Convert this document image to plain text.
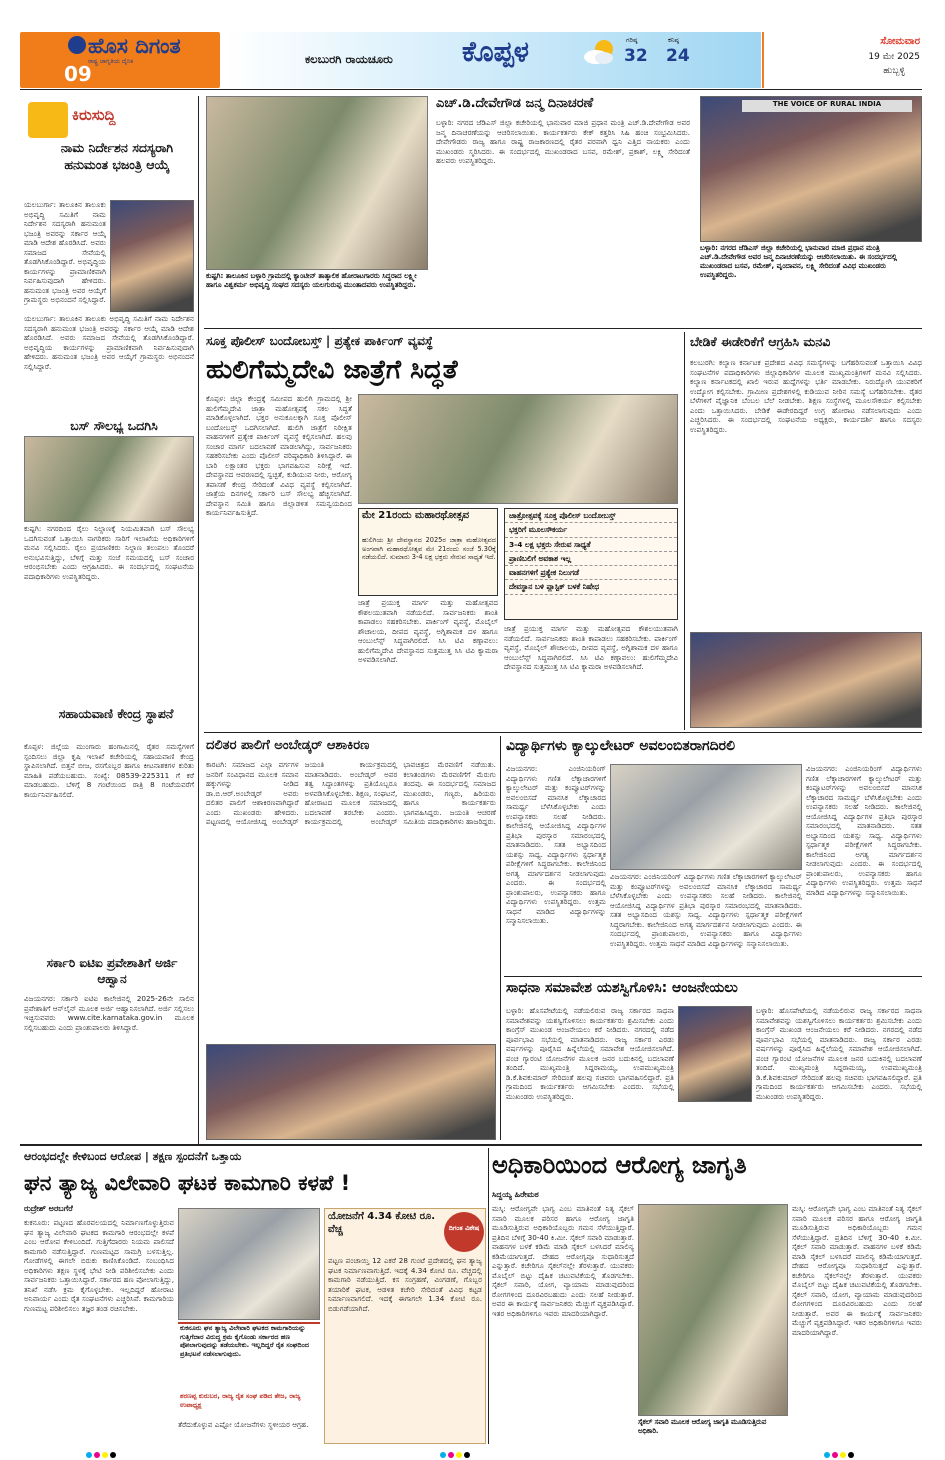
ಹೊಸ ದಿಗಂತ
ರಾಷ್ಟ್ರ ಜಾಗೃತಿಯ ದೈನಿಕ
09
ಕಲಬುರಗಿ ರಾಯಚೂರು	ಕೊಪ್ಪಳ	ಗರಿಷ್ಠ
32
ಕನಿಷ್ಠ
24
ಸೋಮವಾರ
19 ಮೇ 2025
ಹುಬ್ಬಳ್ಳಿ
ಕಿರುಸುದ್ದಿ
ನಾಮ ನಿರ್ದೇಶನ ಸದಸ್ಯರಾಗಿ ಹನುಮಂತ ಭಜಂತ್ರಿ ಆಯ್ಕೆ
ಯಲಬುರ್ಗಾ: ತಾಲೂಕಿನ ತಾಲೂಕು ಅಭಿವೃದ್ಧಿ ಸಮಿತಿಗೆ ನಾಮ ನಿರ್ದೇಶನ ಸದಸ್ಯರಾಗಿ ಹನುಮಂತ ಭಜಂತ್ರಿ ಅವರನ್ನು ಸರ್ಕಾರ ಆಯ್ಕೆ ಮಾಡಿ ಆದೇಶ ಹೊರಡಿಸಿದೆ. ಅವರು ಸಮಾಜದ ಸೇವೆಯಲ್ಲಿ ತೊಡಗಿಸಿಕೊಂಡಿದ್ದಾರೆ. ಅಭಿವೃದ್ಧಿಯ ಕಾರ್ಯಗಳನ್ನು ಪ್ರಾಮಾಣಿಕವಾಗಿ ನಿರ್ವಹಿಸುವುದಾಗಿ ಹೇಳಿದರು. ಹನುಮಂತ ಭಜಂತ್ರಿ ಅವರ ಆಯ್ಕೆಗೆ ಗ್ರಾಮಸ್ಥರು ಅಭಿನಂದನೆ ಸಲ್ಲಿಸಿದ್ದಾರೆ.
ಯಲಬುರ್ಗಾ: ತಾಲೂಕಿನ ತಾಲೂಕು ಅಭಿವೃದ್ಧಿ ಸಮಿತಿಗೆ ನಾಮ ನಿರ್ದೇಶನ ಸದಸ್ಯರಾಗಿ ಹನುಮಂತ ಭಜಂತ್ರಿ ಅವರನ್ನು ಸರ್ಕಾರ ಆಯ್ಕೆ ಮಾಡಿ ಆದೇಶ ಹೊರಡಿಸಿದೆ. ಅವರು ಸಮಾಜದ ಸೇವೆಯಲ್ಲಿ ತೊಡಗಿಸಿಕೊಂಡಿದ್ದಾರೆ. ಅಭಿವೃದ್ಧಿಯ ಕಾರ್ಯಗಳನ್ನು ಪ್ರಾಮಾಣಿಕವಾಗಿ ನಿರ್ವಹಿಸುವುದಾಗಿ ಹೇಳಿದರು. ಹನುಮಂತ ಭಜಂತ್ರಿ ಅವರ ಆಯ್ಕೆಗೆ ಗ್ರಾಮಸ್ಥರು ಅಭಿನಂದನೆ ಸಲ್ಲಿಸಿದ್ದಾರೆ.
ಬಸ್ ಸೌಲಭ್ಯ ಒದಗಿಸಿ
ಕುಷ್ಟಗಿ: ನಗರದಿಂದ ರೈಲು ನಿಲ್ದಾಣಕ್ಕೆ ನಿಯಮಿತವಾಗಿ ಬಸ್ ಸೌಲಭ್ಯ ಒದಗಿಸುವಂತೆ ಒತ್ತಾಯಿಸಿ ನಾಗರಿಕರು ಸಾರಿಗೆ ಇಲಾಖೆಯ ಅಧಿಕಾರಿಗಳಿಗೆ ಮನವಿ ಸಲ್ಲಿಸಿದರು. ರೈಲು ಪ್ರಯಾಣಿಕರು ನಿಲ್ದಾಣ ತಲುಪಲು ತೊಂದರೆ ಅನುಭವಿಸುತ್ತಿದ್ದು, ಬೆಳಿಗ್ಗೆ ಮತ್ತು ಸಂಜೆ ಸಮಯದಲ್ಲಿ ಬಸ್ ಸಂಚಾರ ಆರಂಭಿಸಬೇಕು ಎಂದು ಆಗ್ರಹಿಸಿದರು. ಈ ಸಂದರ್ಭದಲ್ಲಿ ಸಂಘಟನೆಯ ಪದಾಧಿಕಾರಿಗಳು ಉಪಸ್ಥಿತರಿದ್ದರು.
ಸಹಾಯವಾಣಿ ಕೇಂದ್ರ ಸ್ಥಾಪನೆ
ಕೊಪ್ಪಳ: ಜಿಲ್ಲೆಯ ಮುಂಗಾರು ಹಂಗಾಮಿನಲ್ಲಿ ರೈತರ ಸಮಸ್ಯೆಗಳಿಗೆ ಸ್ಪಂದಿಸಲು ಜಿಲ್ಲಾ ಕೃಷಿ ಇಲಾಖೆ ಕಚೇರಿಯಲ್ಲಿ ಸಹಾಯವಾಣಿ ಕೇಂದ್ರ ಸ್ಥಾಪಿಸಲಾಗಿದೆ. ಬಿತ್ತನೆ ಬೀಜ, ರಸಗೊಬ್ಬರ ಹಾಗೂ ಕೀಟನಾಶಕಗಳ ಕುರಿತು ಮಾಹಿತಿ ಪಡೆಯಬಹುದು. ಸಂಖ್ಯೆ: 08539-225311 ಗೆ ಕರೆ ಮಾಡಬಹುದು. ಬೆಳಿಗ್ಗೆ 8 ಗಂಟೆಯಿಂದ ರಾತ್ರಿ 8 ಗಂಟೆಯವರೆಗೆ ಕಾರ್ಯನಿರ್ವಹಿಸಲಿದೆ.
ಸರ್ಕಾರಿ ಐಟಿಐ ಪ್ರವೇಶಾತಿಗೆ ಅರ್ಜಿ ಆಹ್ವಾನ
ವಿಜಯನಗರ: ಸರ್ಕಾರಿ ಐಟಿಐ ಕಾಲೇಜಿನಲ್ಲಿ 2025-26ನೇ ಸಾಲಿನ ಪ್ರವೇಶಾತಿಗೆ ಆನ್‌ಲೈನ್ ಮೂಲಕ ಅರ್ಜಿ ಆಹ್ವಾನಿಸಲಾಗಿದೆ. ಅರ್ಜಿ ಸಲ್ಲಿಸಲು ಇಚ್ಛಿಸುವವರು www.cite.karnataka.gov.in ಮೂಲಕ ಸಲ್ಲಿಸಬಹುದು ಎಂದು ಪ್ರಾಂಶುಪಾಲರು ತಿಳಿಸಿದ್ದಾರೆ.
ಕುಷ್ಟಗಿ: ತಾಲೂಕಿನ ಬಳ್ಳಾರಿ ಗ್ರಾಮದಲ್ಲಿ ಕ್ಯಾಂಟೀನ್ ತಾತ್ಕಾಲಿಕ ಹೋರಾಟಗಾರರು ಸಿದ್ಧರಾದ ಲಕ್ಷ್ಮೀ ಹಾಗೂ ವಿಶ್ವಕರ್ಮ ಅಭಿವೃದ್ಧಿ ಸಂಘದ ಸದಸ್ಯರು ಯಲಗುರುಪ್ಪ ಮುಂತಾದವರು ಉಪಸ್ಥಿತರಿದ್ದರು.
ಎಚ್.ಡಿ.ದೇವೇಗೌಡ ಜನ್ಮ ದಿನಾಚರಣೆ
ಬಳ್ಳಾರಿ: ನಗರದ ಜೆಡಿಎಸ್ ಜಿಲ್ಲಾ ಕಚೇರಿಯಲ್ಲಿ ಭಾನುವಾರ ಮಾಜಿ ಪ್ರಧಾನ ಮಂತ್ರಿ ಎಚ್.ಡಿ.ದೇವೇಗೌಡ ಅವರ ಜನ್ಮ ದಿನಾಚರಣೆಯನ್ನು ಆಚರಿಸಲಾಯಿತು. ಕಾರ್ಯಕರ್ತರು ಕೇಕ್ ಕತ್ತರಿಸಿ ಸಿಹಿ ಹಂಚಿ ಸಂಭ್ರಮಿಸಿದರು. ದೇವೇಗೌಡರು ರಾಜ್ಯ ಹಾಗೂ ರಾಷ್ಟ್ರ ರಾಜಕಾರಣದಲ್ಲಿ ರೈತರ ಪರವಾಗಿ ಧ್ವನಿ ಎತ್ತಿದ ನಾಯಕರು ಎಂದು ಮುಖಂಡರು ಸ್ಮರಿಸಿದರು. ಈ ಸಂದರ್ಭದಲ್ಲಿ ಮುಖಂಡರಾದ ಬಸವ, ರಮೇಶ್, ಪ್ರಕಾಶ್, ಲಕ್ಷ್ಮಿ ಸೇರಿದಂತೆ ಹಲವರು ಉಪಸ್ಥಿತರಿದ್ದರು.
THE VOICE OF RURAL INDIA
ಬಳ್ಳಾರಿ: ನಗರದ ಜೆಡಿಎಸ್ ಜಿಲ್ಲಾ ಕಚೇರಿಯಲ್ಲಿ ಭಾನುವಾರ ಮಾಜಿ ಪ್ರಧಾನ ಮಂತ್ರಿ ಎಚ್.ಡಿ.ದೇವೇಗೌಡ ಅವರ ಜನ್ಮ ದಿನಾಚರಣೆಯನ್ನು ಆಚರಿಸಲಾಯಿತು. ಈ ಸಂದರ್ಭದಲ್ಲಿ ಮುಖಂಡರಾದ ಬಸವ, ರಮೇಶ್, ವೃಂದಾವನ, ಲಕ್ಷ್ಮಿ ಸೇರಿದಂತೆ ವಿವಿಧ ಮುಖಂಡರು ಉಪಸ್ಥಿತರಿದ್ದರು.
ಸೂಕ್ತ ಪೊಲೀಸ್ ಬಂದೋಬಸ್ತ್ | ಪ್ರತ್ಯೇಕ ಪಾರ್ಕಿಂಗ್ ವ್ಯವಸ್ಥೆ
ಹುಲಿಗೆಮ್ಮದೇವಿ ಜಾತ್ರೆಗೆ ಸಿದ್ಧತೆ
ಕೊಪ್ಪಳ: ಜಿಲ್ಲಾ ಕೇಂದ್ರಕ್ಕೆ ಸಮೀಪದ ಹುಲಿಗಿ ಗ್ರಾಮದಲ್ಲಿ ಶ್ರೀ ಹುಲಿಗೆಮ್ಮದೇವಿ ಜಾತ್ರಾ ಮಹೋತ್ಸವಕ್ಕೆ ಸಕಲ ಸಿದ್ಧತೆ ಮಾಡಿಕೊಳ್ಳಲಾಗಿದೆ. ಭಕ್ತರ ಅನುಕೂಲಕ್ಕಾಗಿ ಸೂಕ್ತ ಪೊಲೀಸ್ ಬಂದೋಬಸ್ತ್ ಒದಗಿಸಲಾಗಿದೆ. ಹುಲಿಗಿ ಜಾತ್ರೆಗೆ ನಿರೀಕ್ಷಿತ ವಾಹನಗಳಿಗೆ ಪ್ರತ್ಯೇಕ ಪಾರ್ಕಿಂಗ್ ವ್ಯವಸ್ಥೆ ಕಲ್ಪಿಸಲಾಗಿದೆ. ಹಲವು ಸಂಚಾರ ಮಾರ್ಗ ಬದಲಾವಣೆ ಮಾಡಲಾಗಿದ್ದು, ಸಾರ್ವಜನಿಕರು ಸಹಕರಿಸಬೇಕು ಎಂದು ಪೊಲೀಸ್ ವರಿಷ್ಠಾಧಿಕಾರಿ ತಿಳಿಸಿದ್ದಾರೆ. ಈ ಬಾರಿ ಲಕ್ಷಾಂತರ ಭಕ್ತರು ಭಾಗವಹಿಸುವ ನಿರೀಕ್ಷೆ ಇದೆ. ದೇವಸ್ಥಾನದ ಆವರಣದಲ್ಲಿ ಸ್ವಚ್ಛತೆ, ಕುಡಿಯುವ ನೀರು, ಆರೋಗ್ಯ ತಪಾಸಣೆ ಕೇಂದ್ರ ಸೇರಿದಂತೆ ವಿವಿಧ ವ್ಯವಸ್ಥೆ ಕಲ್ಪಿಸಲಾಗಿದೆ. ಜಾತ್ರೆಯ ದಿನಗಳಲ್ಲಿ ಸರ್ಕಾರಿ ಬಸ್ ಸೌಲಭ್ಯ ಹೆಚ್ಚಿಸಲಾಗಿದೆ. ದೇವಸ್ಥಾನ ಸಮಿತಿ ಹಾಗೂ ಜಿಲ್ಲಾಡಳಿತ ಸಮನ್ವಯದಿಂದ ಕಾರ್ಯನಿರ್ವಹಿಸುತ್ತಿದೆ.	ಮೇ 21ರಂದು ಮಹಾರಥೋತ್ಸವ
ಹುಲಿಗಿಯ ಶ್ರೀ ದೇವಸ್ಥಾನದ 2025ರ ಜಾತ್ರಾ ಮಹೋತ್ಸವದ ಅಂಗವಾಗಿ ಮಹಾರಥೋತ್ಸವ ಮೇ 21ರಂದು ಸಂಜೆ 5.30ಕ್ಕೆ ನಡೆಯಲಿದೆ. ಸುಮಾರು 3-4 ಲಕ್ಷ ಭಕ್ತರು ಸೇರುವ ಸಾಧ್ಯತೆ ಇದೆ.
ಜಾತ್ರೋತ್ಸವಕ್ಕೆ ಸೂಕ್ತ ಪೊಲೀಸ್ ಬಂದೋಬಸ್ತ್
ಭಕ್ತರಿಗೆ ಮೂಲಸೌಕರ್ಯ
3-4 ಲಕ್ಷ ಭಕ್ತರು ಸೇರುವ ಸಾಧ್ಯತೆ
ಪ್ರಾಣಿಬಲಿಗೆ ಅವಕಾಶ ಇಲ್ಲ
ವಾಹನಗಳಿಗೆ ಪ್ರತ್ಯೇಕ ನಿಲುಗಡೆ
ದೇವಸ್ಥಾನ ಬಳಿ ಪ್ಲಾಸ್ಟಿಕ್ ಬಳಕೆ ನಿಷೇಧ
ಜಾತ್ರೆ ಪ್ರಯುಕ್ತ ಮಾರ್ಗ ಮತ್ತು ಮಹೋತ್ಸವದ ಕೌಶಲಯುತವಾಗಿ ನಡೆಯಲಿದೆ. ಸಾರ್ವಜನಿಕರು ಶಾಂತಿ ಕಾಪಾಡಲು ಸಹಕರಿಸಬೇಕು. ಪಾರ್ಕಿಂಗ್ ವ್ಯವಸ್ಥೆ, ಮೊಬೈಲ್ ಶೌಚಾಲಯ, ದೀಪದ ವ್ಯವಸ್ಥೆ, ಅಗ್ನಿಶಾಮಕ ದಳ ಹಾಗೂ ಆಂಬುಲೆನ್ಸ್ ಸಿದ್ಧವಾಗಿರಲಿದೆ. ಸಿಸಿ ಟಿವಿ ಕಣ್ಗಾವಲು: ಹುಲಿಗೆಮ್ಮದೇವಿ ದೇವಸ್ಥಾನದ ಸುತ್ತಮುತ್ತ ಸಿಸಿ ಟಿವಿ ಕ್ಯಾಮರಾ ಅಳವಡಿಸಲಾಗಿದೆ.
ಜಾತ್ರೆ ಪ್ರಯುಕ್ತ ಮಾರ್ಗ ಮತ್ತು ಮಹೋತ್ಸವದ ಕೌಶಲಯುತವಾಗಿ ನಡೆಯಲಿದೆ. ಸಾರ್ವಜನಿಕರು ಶಾಂತಿ ಕಾಪಾಡಲು ಸಹಕರಿಸಬೇಕು. ಪಾರ್ಕಿಂಗ್ ವ್ಯವಸ್ಥೆ, ಮೊಬೈಲ್ ಶೌಚಾಲಯ, ದೀಪದ ವ್ಯವಸ್ಥೆ, ಅಗ್ನಿಶಾಮಕ ದಳ ಹಾಗೂ ಆಂಬುಲೆನ್ಸ್ ಸಿದ್ಧವಾಗಿರಲಿದೆ. ಸಿಸಿ ಟಿವಿ ಕಣ್ಗಾವಲು: ಹುಲಿಗೆಮ್ಮದೇವಿ ದೇವಸ್ಥಾನದ ಸುತ್ತಮುತ್ತ ಸಿಸಿ ಟಿವಿ ಕ್ಯಾಮರಾ ಅಳವಡಿಸಲಾಗಿದೆ.
ಬೇಡಿಕೆ ಈಡೇರಿಕೆಗೆ ಆಗ್ರಹಿಸಿ ಮನವಿ
ಕಲಬುರಗಿ: ಕಲ್ಯಾಣ ಕರ್ನಾಟಕ ಪ್ರದೇಶದ ವಿವಿಧ ಸಮಸ್ಯೆಗಳನ್ನು ಬಗೆಹರಿಸುವಂತೆ ಒತ್ತಾಯಿಸಿ ವಿವಿಧ ಸಂಘಟನೆಗಳ ಪದಾಧಿಕಾರಿಗಳು ಜಿಲ್ಲಾಧಿಕಾರಿಗಳ ಮೂಲಕ ಮುಖ್ಯಮಂತ್ರಿಗಳಿಗೆ ಮನವಿ ಸಲ್ಲಿಸಿದರು. ಕಲ್ಯಾಣ ಕರ್ನಾಟಕದಲ್ಲಿ ಖಾಲಿ ಇರುವ ಹುದ್ದೆಗಳನ್ನು ಭರ್ತಿ ಮಾಡಬೇಕು. ನಿರುದ್ಯೋಗಿ ಯುವಕರಿಗೆ ಉದ್ಯೋಗ ಕಲ್ಪಿಸಬೇಕು. ಗ್ರಾಮೀಣ ಪ್ರದೇಶಗಳಲ್ಲಿ ಕುಡಿಯುವ ನೀರಿನ ಸಮಸ್ಯೆ ಬಗೆಹರಿಸಬೇಕು. ರೈತರ ಬೆಳೆಗಳಿಗೆ ವೈಜ್ಞಾನಿಕ ಬೆಂಬಲ ಬೆಲೆ ನೀಡಬೇಕು. ಶಿಕ್ಷಣ ಸಂಸ್ಥೆಗಳಲ್ಲಿ ಮೂಲಸೌಕರ್ಯ ಕಲ್ಪಿಸಬೇಕು ಎಂದು ಒತ್ತಾಯಿಸಿದರು. ಬೇಡಿಕೆ ಈಡೇರದಿದ್ದರೆ ಉಗ್ರ ಹೋರಾಟ ನಡೆಸಲಾಗುವುದು ಎಂದು ಎಚ್ಚರಿಸಿದರು. ಈ ಸಂದರ್ಭದಲ್ಲಿ ಸಂಘಟನೆಯ ಅಧ್ಯಕ್ಷರು, ಕಾರ್ಯದರ್ಶಿ ಹಾಗೂ ಸದಸ್ಯರು ಉಪಸ್ಥಿತರಿದ್ದರು.
ದಲಿತರ ಪಾಲಿಗೆ ಅಂಬೇಡ್ಕರ್ ಆಶಾಕಿರಣ
ಕಾರಟಗಿ: ಸಮಾಜದ ಎಲ್ಲಾ ವರ್ಗಗಳ ಜನರಿಗೆ ಸಂವಿಧಾನದ ಮೂಲಕ ಸಮಾನ ಹಕ್ಕುಗಳನ್ನು ನೀಡಿದ ಡಾ.ಬಿ.ಆರ್.ಅಂಬೇಡ್ಕರ್ ಅವರು ದಲಿತರ ಪಾಲಿಗೆ ಆಶಾಕಿರಣವಾಗಿದ್ದಾರೆ ಎಂದು ಮುಖಂಡರು ಹೇಳಿದರು. ಪಟ್ಟಣದಲ್ಲಿ ಆಯೋಜಿಸಿದ್ದ ಅಂಬೇಡ್ಕರ್ ಜಯಂತಿ ಕಾರ್ಯಕ್ರಮದಲ್ಲಿ ಮಾತನಾಡಿದರು. ಅಂಬೇಡ್ಕರ್ ಅವರ ತತ್ವ ಸಿದ್ಧಾಂತಗಳನ್ನು ಪ್ರತಿಯೊಬ್ಬರೂ ಅಳವಡಿಸಿಕೊಳ್ಳಬೇಕು. ಶಿಕ್ಷಣ, ಸಂಘಟನೆ, ಹೋರಾಟದ ಮೂಲಕ ಸಮಾಜದಲ್ಲಿ ಬದಲಾವಣೆ ತರಬೇಕು ಎಂದರು. ಕಾರ್ಯಕ್ರಮದಲ್ಲಿ ಅಂಬೇಡ್ಕರ್ ಭಾವಚಿತ್ರದ ಮೆರವಣಿಗೆ ನಡೆಯಿತು. ಕಲಾತಂಡಗಳು ಮೆರವಣಿಗೆಗೆ ಮೆರುಗು ತಂದವು. ಈ ಸಂದರ್ಭದಲ್ಲಿ ಸಮಾಜದ ಮುಖಂಡರು, ಗಣ್ಯರು, ಹಿರಿಯರು ಹಾಗೂ ಕಾರ್ಯಕರ್ತರು ಭಾಗವಹಿಸಿದ್ದರು. ಜಯಂತಿ ಆಚರಣೆ ಸಮಿತಿಯ ಪದಾಧಿಕಾರಿಗಳು ಹಾಜರಿದ್ದರು.
ವಿದ್ಯಾರ್ಥಿಗಳು ಕ್ಯಾಲ್ಕುಲೇಟರ್ ಅವಲಂಬಿತರಾಗದಿರಲಿ
ವಿಜಯನಗರ: ಎಂಜಿನಿಯರಿಂಗ್ ವಿದ್ಯಾರ್ಥಿಗಳು ಗಣಿತ ಲೆಕ್ಕಾಚಾರಗಳಿಗೆ ಕ್ಯಾಲ್ಕುಲೇಟರ್ ಮತ್ತು ಕಂಪ್ಯೂಟರ್‌ಗಳನ್ನು ಅವಲಂಬಿಸದೆ ಮಾನಸಿಕ ಲೆಕ್ಕಾಚಾರದ ಸಾಮರ್ಥ್ಯ ಬೆಳೆಸಿಕೊಳ್ಳಬೇಕು ಎಂದು ಉಪನ್ಯಾಸಕರು ಸಲಹೆ ನೀಡಿದರು. ಕಾಲೇಜಿನಲ್ಲಿ ಆಯೋಜಿಸಿದ್ದ ವಿದ್ಯಾರ್ಥಿಗಳ ಪ್ರತಿಭಾ ಪುರಸ್ಕಾರ ಸಮಾರಂಭದಲ್ಲಿ ಮಾತನಾಡಿದರು. ಸತತ ಅಭ್ಯಾಸದಿಂದ ಯಶಸ್ಸು ಸಾಧ್ಯ. ವಿದ್ಯಾರ್ಥಿಗಳು ಸ್ಪರ್ಧಾತ್ಮಕ ಪರೀಕ್ಷೆಗಳಿಗೆ ಸಿದ್ಧರಾಗಬೇಕು. ಕಾಲೇಜಿನಿಂದ ಅಗತ್ಯ ಮಾರ್ಗದರ್ಶನ ನೀಡಲಾಗುವುದು ಎಂದರು. ಈ ಸಂದರ್ಭದಲ್ಲಿ ಪ್ರಾಂಶುಪಾಲರು, ಉಪನ್ಯಾಸಕರು ಹಾಗೂ ವಿದ್ಯಾರ್ಥಿಗಳು ಉಪಸ್ಥಿತರಿದ್ದರು. ಉತ್ತಮ ಸಾಧನೆ ಮಾಡಿದ ವಿದ್ಯಾರ್ಥಿಗಳನ್ನು ಸನ್ಮಾನಿಸಲಾಯಿತು.
ವಿಜಯನಗರ: ಎಂಜಿನಿಯರಿಂಗ್ ವಿದ್ಯಾರ್ಥಿಗಳು ಗಣಿತ ಲೆಕ್ಕಾಚಾರಗಳಿಗೆ ಕ್ಯಾಲ್ಕುಲೇಟರ್ ಮತ್ತು ಕಂಪ್ಯೂಟರ್‌ಗಳನ್ನು ಅವಲಂಬಿಸದೆ ಮಾನಸಿಕ ಲೆಕ್ಕಾಚಾರದ ಸಾಮರ್ಥ್ಯ ಬೆಳೆಸಿಕೊಳ್ಳಬೇಕು ಎಂದು ಉಪನ್ಯಾಸಕರು ಸಲಹೆ ನೀಡಿದರು. ಕಾಲೇಜಿನಲ್ಲಿ ಆಯೋಜಿಸಿದ್ದ ವಿದ್ಯಾರ್ಥಿಗಳ ಪ್ರತಿಭಾ ಪುರಸ್ಕಾರ ಸಮಾರಂಭದಲ್ಲಿ ಮಾತನಾಡಿದರು. ಸತತ ಅಭ್ಯಾಸದಿಂದ ಯಶಸ್ಸು ಸಾಧ್ಯ. ವಿದ್ಯಾರ್ಥಿಗಳು ಸ್ಪರ್ಧಾತ್ಮಕ ಪರೀಕ್ಷೆಗಳಿಗೆ ಸಿದ್ಧರಾಗಬೇಕು. ಕಾಲೇಜಿನಿಂದ ಅಗತ್ಯ ಮಾರ್ಗದರ್ಶನ ನೀಡಲಾಗುವುದು ಎಂದರು. ಈ ಸಂದರ್ಭದಲ್ಲಿ ಪ್ರಾಂಶುಪಾಲರು, ಉಪನ್ಯಾಸಕರು ಹಾಗೂ ವಿದ್ಯಾರ್ಥಿಗಳು ಉಪಸ್ಥಿತರಿದ್ದರು. ಉತ್ತಮ ಸಾಧನೆ ಮಾಡಿದ ವಿದ್ಯಾರ್ಥಿಗಳನ್ನು ಸನ್ಮಾನಿಸಲಾಯಿತು.
ವಿಜಯನಗರ: ಎಂಜಿನಿಯರಿಂಗ್ ವಿದ್ಯಾರ್ಥಿಗಳು ಗಣಿತ ಲೆಕ್ಕಾಚಾರಗಳಿಗೆ ಕ್ಯಾಲ್ಕುಲೇಟರ್ ಮತ್ತು ಕಂಪ್ಯೂಟರ್‌ಗಳನ್ನು ಅವಲಂಬಿಸದೆ ಮಾನಸಿಕ ಲೆಕ್ಕಾಚಾರದ ಸಾಮರ್ಥ್ಯ ಬೆಳೆಸಿಕೊಳ್ಳಬೇಕು ಎಂದು ಉಪನ್ಯಾಸಕರು ಸಲಹೆ ನೀಡಿದರು. ಕಾಲೇಜಿನಲ್ಲಿ ಆಯೋಜಿಸಿದ್ದ ವಿದ್ಯಾರ್ಥಿಗಳ ಪ್ರತಿಭಾ ಪುರಸ್ಕಾರ ಸಮಾರಂಭದಲ್ಲಿ ಮಾತನಾಡಿದರು. ಸತತ ಅಭ್ಯಾಸದಿಂದ ಯಶಸ್ಸು ಸಾಧ್ಯ. ವಿದ್ಯಾರ್ಥಿಗಳು ಸ್ಪರ್ಧಾತ್ಮಕ ಪರೀಕ್ಷೆಗಳಿಗೆ ಸಿದ್ಧರಾಗಬೇಕು. ಕಾಲೇಜಿನಿಂದ ಅಗತ್ಯ ಮಾರ್ಗದರ್ಶನ ನೀಡಲಾಗುವುದು ಎಂದರು. ಈ ಸಂದರ್ಭದಲ್ಲಿ ಪ್ರಾಂಶುಪಾಲರು, ಉಪನ್ಯಾಸಕರು ಹಾಗೂ ವಿದ್ಯಾರ್ಥಿಗಳು ಉಪಸ್ಥಿತರಿದ್ದರು. ಉತ್ತಮ ಸಾಧನೆ ಮಾಡಿದ ವಿದ್ಯಾರ್ಥಿಗಳನ್ನು ಸನ್ಮಾನಿಸಲಾಯಿತು.
ಸಾಧನಾ ಸಮಾವೇಶ ಯಶಸ್ವಿಗೊಳಿಸಿ: ಆಂಜನೇಯಲು
ಬಳ್ಳಾರಿ: ಹೊಸಪೇಟೆಯಲ್ಲಿ ನಡೆಯಲಿರುವ ರಾಜ್ಯ ಸರ್ಕಾರದ ಸಾಧನಾ ಸಮಾವೇಶವನ್ನು ಯಶಸ್ವಿಗೊಳಿಸಲು ಕಾರ್ಯಕರ್ತರು ಶ್ರಮಿಸಬೇಕು ಎಂದು ಕಾಂಗ್ರೆಸ್ ಮುಖಂಡ ಆಂಜನೇಯಲು ಕರೆ ನೀಡಿದರು. ನಗರದಲ್ಲಿ ನಡೆದ ಪೂರ್ವಭಾವಿ ಸಭೆಯಲ್ಲಿ ಮಾತನಾಡಿದರು. ರಾಜ್ಯ ಸರ್ಕಾರ ಎರಡು ವರ್ಷಗಳನ್ನು ಪೂರೈಸಿದ ಹಿನ್ನೆಲೆಯಲ್ಲಿ ಸಮಾವೇಶ ಆಯೋಜಿಸಲಾಗಿದೆ. ಪಂಚ ಗ್ಯಾರಂಟಿ ಯೋಜನೆಗಳ ಮೂಲಕ ಜನರ ಬದುಕಿನಲ್ಲಿ ಬದಲಾವಣೆ ತಂದಿದೆ. ಮುಖ್ಯಮಂತ್ರಿ ಸಿದ್ದರಾಮಯ್ಯ, ಉಪಮುಖ್ಯಮಂತ್ರಿ ಡಿ.ಕೆ.ಶಿವಕುಮಾರ್ ಸೇರಿದಂತೆ ಹಲವು ಸಚಿವರು ಭಾಗವಹಿಸಲಿದ್ದಾರೆ. ಪ್ರತಿ ಗ್ರಾಮದಿಂದ ಕಾರ್ಯಕರ್ತರು ಆಗಮಿಸಬೇಕು ಎಂದರು. ಸಭೆಯಲ್ಲಿ ಮುಖಂಡರು ಉಪಸ್ಥಿತರಿದ್ದರು.
ಬಳ್ಳಾರಿ: ಹೊಸಪೇಟೆಯಲ್ಲಿ ನಡೆಯಲಿರುವ ರಾಜ್ಯ ಸರ್ಕಾರದ ಸಾಧನಾ ಸಮಾವೇಶವನ್ನು ಯಶಸ್ವಿಗೊಳಿಸಲು ಕಾರ್ಯಕರ್ತರು ಶ್ರಮಿಸಬೇಕು ಎಂದು ಕಾಂಗ್ರೆಸ್ ಮುಖಂಡ ಆಂಜನೇಯಲು ಕರೆ ನೀಡಿದರು. ನಗರದಲ್ಲಿ ನಡೆದ ಪೂರ್ವಭಾವಿ ಸಭೆಯಲ್ಲಿ ಮಾತನಾಡಿದರು. ರಾಜ್ಯ ಸರ್ಕಾರ ಎರಡು ವರ್ಷಗಳನ್ನು ಪೂರೈಸಿದ ಹಿನ್ನೆಲೆಯಲ್ಲಿ ಸಮಾವೇಶ ಆಯೋಜಿಸಲಾಗಿದೆ. ಪಂಚ ಗ್ಯಾರಂಟಿ ಯೋಜನೆಗಳ ಮೂಲಕ ಜನರ ಬದುಕಿನಲ್ಲಿ ಬದಲಾವಣೆ ತಂದಿದೆ. ಮುಖ್ಯಮಂತ್ರಿ ಸಿದ್ದರಾಮಯ್ಯ, ಉಪಮುಖ್ಯಮಂತ್ರಿ ಡಿ.ಕೆ.ಶಿವಕುಮಾರ್ ಸೇರಿದಂತೆ ಹಲವು ಸಚಿವರು ಭಾಗವಹಿಸಲಿದ್ದಾರೆ. ಪ್ರತಿ ಗ್ರಾಮದಿಂದ ಕಾರ್ಯಕರ್ತರು ಆಗಮಿಸಬೇಕು ಎಂದರು. ಸಭೆಯಲ್ಲಿ ಮುಖಂಡರು ಉಪಸ್ಥಿತರಿದ್ದರು.
ಆರಂಭದಲ್ಲೇ ಕೇಳಿಬಂದ ಆರೋಪ | ತಕ್ಷಣ ಸ್ಪಂದನೆಗೆ ಒತ್ತಾಯ
ಘನ ತ್ಯಾಜ್ಯ ವಿಲೇವಾರಿ ಘಟಕ ಕಾಮಗಾರಿ ಕಳಪೆ !
ರುದ್ರೇಶ್ ಅರಬಗೆರೆ
ಕುಕನೂರು: ಪಟ್ಟಣದ ಹೊರವಲಯದಲ್ಲಿ ನಿರ್ಮಾಣಗೊಳ್ಳುತ್ತಿರುವ ಘನ ತ್ಯಾಜ್ಯ ವಿಲೇವಾರಿ ಘಟಕದ ಕಾಮಗಾರಿ ಆರಂಭದಲ್ಲೇ ಕಳಪೆ ಎಂಬ ಆರೋಪ ಕೇಳಿಬಂದಿದೆ. ಗುತ್ತಿಗೆದಾರರು ನಿಯಮ ಪಾಲಿಸದೆ ಕಾಮಗಾರಿ ನಡೆಸುತ್ತಿದ್ದಾರೆ. ಗುಣಮಟ್ಟದ ಸಾಮಗ್ರಿ ಬಳಸುತ್ತಿಲ್ಲ. ಗೋಡೆಗಳಲ್ಲಿ ಈಗಲೇ ಬಿರುಕು ಕಾಣಿಸಿಕೊಂಡಿದೆ. ಸಂಬಂಧಿಸಿದ ಅಧಿಕಾರಿಗಳು ತಕ್ಷಣ ಸ್ಥಳಕ್ಕೆ ಭೇಟಿ ನೀಡಿ ಪರಿಶೀಲಿಸಬೇಕು ಎಂದು ಸಾರ್ವಜನಿಕರು ಒತ್ತಾಯಿಸಿದ್ದಾರೆ. ಸರ್ಕಾರದ ಹಣ ಪೋಲಾಗುತ್ತಿದ್ದು, ತನಿಖೆ ನಡೆಸಿ ಕ್ರಮ ಕೈಗೊಳ್ಳಬೇಕು. ಇಲ್ಲದಿದ್ದರೆ ಹೋರಾಟ ಅನಿವಾರ್ಯ ಎಂದು ರೈತ ಸಂಘಟನೆಗಳು ಎಚ್ಚರಿಸಿವೆ. ಕಾಮಗಾರಿಯ ಗುಣಮಟ್ಟ ಪರಿಶೀಲಿಸಲು ತಜ್ಞರ ತಂಡ ರಚಿಸಬೇಕು.
ಕುಕನೂರು ಘನ ತ್ಯಾಜ್ಯ ವಿಲೇವಾರಿ ಘಟಕದ ಕಾಮಗಾರಿಯನ್ನು ಗುತ್ತಿಗೆದಾರ ವಿರುದ್ಧ ಕ್ರಮ ಕೈಗೊಂಡು ಸರ್ಕಾರದ ಹಣ ಪೋಲಾಗುವುದನ್ನು ತಡೆಯಬೇಕು. ಇಲ್ಲದಿದ್ದರೆ ರೈತ ಸಂಘದಿಂದ ಪ್ರತಿಭಟನೆ ನಡೆಸಲಾಗುವುದು.
ಶರಣಪ್ಪ ಕುರುಬರ, ರಾಜ್ಯ ರೈತ ಸಂಘ ಪಡಿದ ತೇಜ, ರಾಜ್ಯ ಉಪಾಧ್ಯಕ್ಷ
ತೆರೆದುಕೊಳ್ಳುವ ಎಷ್ಟೋ ಯೋಜನೆಗಳು ಸ್ಥಳೀಯರ ಆಗ್ರಹ.
ಯೋಜನೆಗೆ 4.34 ಕೋಟಿ ರೂ. ವೆಚ್ಚ	ದಿಗಂತ ವಿಶೇಷ
ಪಟ್ಟಣ ಪಂಚಾಯ್ತಿ 12 ಎಕರೆ 28 ಗುಂಟೆ ಪ್ರದೇಶದಲ್ಲಿ ಘನ ತ್ಯಾಜ್ಯ ಘಟಕ ನಿರ್ಮಾಣವಾಗುತ್ತಿದೆ. ಇದಕ್ಕೆ 4.34 ಕೋಟಿ ರೂ. ವೆಚ್ಚದಲ್ಲಿ ಕಾಮಗಾರಿ ನಡೆಯುತ್ತಿದೆ. ಕಸ ಸಂಗ್ರಹಣೆ, ವಿಂಗಡಣೆ, ಗೊಬ್ಬರ ತಯಾರಿಕೆ ಘಟಕ, ಆಡಳಿತ ಕಚೇರಿ ಸೇರಿದಂತೆ ವಿವಿಧ ಕಟ್ಟಡ ನಿರ್ಮಾಣವಾಗಲಿದೆ. ಇದಕ್ಕೆ ಈಗಾಗಲೇ 1.34 ಕೋಟಿ ರೂ. ಬಿಡುಗಡೆಯಾಗಿದೆ.
ಅಧಿಕಾರಿಯಿಂದ ಆರೋಗ್ಯ ಜಾಗೃತಿ
ಸಿದ್ದಯ್ಯ ಹಿರೇಮಠ
ಮಸ್ಕಿ: ಆರೋಗ್ಯವೇ ಭಾಗ್ಯ ಎಂಬ ಮಾತಿನಂತೆ ನಿತ್ಯ ಸೈಕಲ್ ಸವಾರಿ ಮೂಲಕ ಪರಿಸರ ಹಾಗೂ ಆರೋಗ್ಯ ಜಾಗೃತಿ ಮೂಡಿಸುತ್ತಿರುವ ಅಧಿಕಾರಿಯೊಬ್ಬರು ಗಮನ ಸೆಳೆಯುತ್ತಿದ್ದಾರೆ. ಪ್ರತಿದಿನ ಬೆಳಿಗ್ಗೆ 30-40 ಕಿ.ಮೀ. ಸೈಕಲ್ ಸವಾರಿ ಮಾಡುತ್ತಾರೆ. ವಾಹನಗಳ ಬಳಕೆ ಕಡಿಮೆ ಮಾಡಿ ಸೈಕಲ್ ಬಳಸಿದರೆ ಮಾಲಿನ್ಯ ಕಡಿಮೆಯಾಗುತ್ತದೆ. ದೇಹದ ಆರೋಗ್ಯವೂ ಸುಧಾರಿಸುತ್ತದೆ ಎನ್ನುತ್ತಾರೆ. ಕಚೇರಿಗೂ ಸೈಕಲ್‌ನಲ್ಲೇ ತೆರಳುತ್ತಾರೆ. ಯುವಕರು ಮೊಬೈಲ್ ಬಿಟ್ಟು ದೈಹಿಕ ಚಟುವಟಿಕೆಯಲ್ಲಿ ತೊಡಗಬೇಕು. ಸೈಕಲ್ ಸವಾರಿ, ಯೋಗ, ವ್ಯಾಯಾಮ ಮಾಡುವುದರಿಂದ ರೋಗಗಳಿಂದ ದೂರವಿರಬಹುದು ಎಂದು ಸಲಹೆ ನೀಡುತ್ತಾರೆ. ಅವರ ಈ ಕಾರ್ಯಕ್ಕೆ ಸಾರ್ವಜನಿಕರು ಮೆಚ್ಚುಗೆ ವ್ಯಕ್ತಪಡಿಸಿದ್ದಾರೆ. ಇತರ ಅಧಿಕಾರಿಗಳಿಗೂ ಇವರು ಮಾದರಿಯಾಗಿದ್ದಾರೆ.
ಸೈಕಲ್ ಸವಾರಿ ಮೂಲಕ ಆರೋಗ್ಯ ಜಾಗೃತಿ ಮೂಡಿಸುತ್ತಿರುವ ಅಧಿಕಾರಿ.
ಮಸ್ಕಿ: ಆರೋಗ್ಯವೇ ಭಾಗ್ಯ ಎಂಬ ಮಾತಿನಂತೆ ನಿತ್ಯ ಸೈಕಲ್ ಸವಾರಿ ಮೂಲಕ ಪರಿಸರ ಹಾಗೂ ಆರೋಗ್ಯ ಜಾಗೃತಿ ಮೂಡಿಸುತ್ತಿರುವ ಅಧಿಕಾರಿಯೊಬ್ಬರು ಗಮನ ಸೆಳೆಯುತ್ತಿದ್ದಾರೆ. ಪ್ರತಿದಿನ ಬೆಳಿಗ್ಗೆ 30-40 ಕಿ.ಮೀ. ಸೈಕಲ್ ಸವಾರಿ ಮಾಡುತ್ತಾರೆ. ವಾಹನಗಳ ಬಳಕೆ ಕಡಿಮೆ ಮಾಡಿ ಸೈಕಲ್ ಬಳಸಿದರೆ ಮಾಲಿನ್ಯ ಕಡಿಮೆಯಾಗುತ್ತದೆ. ದೇಹದ ಆರೋಗ್ಯವೂ ಸುಧಾರಿಸುತ್ತದೆ ಎನ್ನುತ್ತಾರೆ. ಕಚೇರಿಗೂ ಸೈಕಲ್‌ನಲ್ಲೇ ತೆರಳುತ್ತಾರೆ. ಯುವಕರು ಮೊಬೈಲ್ ಬಿಟ್ಟು ದೈಹಿಕ ಚಟುವಟಿಕೆಯಲ್ಲಿ ತೊಡಗಬೇಕು. ಸೈಕಲ್ ಸವಾರಿ, ಯೋಗ, ವ್ಯಾಯಾಮ ಮಾಡುವುದರಿಂದ ರೋಗಗಳಿಂದ ದೂರವಿರಬಹುದು ಎಂದು ಸಲಹೆ ನೀಡುತ್ತಾರೆ. ಅವರ ಈ ಕಾರ್ಯಕ್ಕೆ ಸಾರ್ವಜನಿಕರು ಮೆಚ್ಚುಗೆ ವ್ಯಕ್ತಪಡಿಸಿದ್ದಾರೆ. ಇತರ ಅಧಿಕಾರಿಗಳಿಗೂ ಇವರು ಮಾದರಿಯಾಗಿದ್ದಾರೆ.
